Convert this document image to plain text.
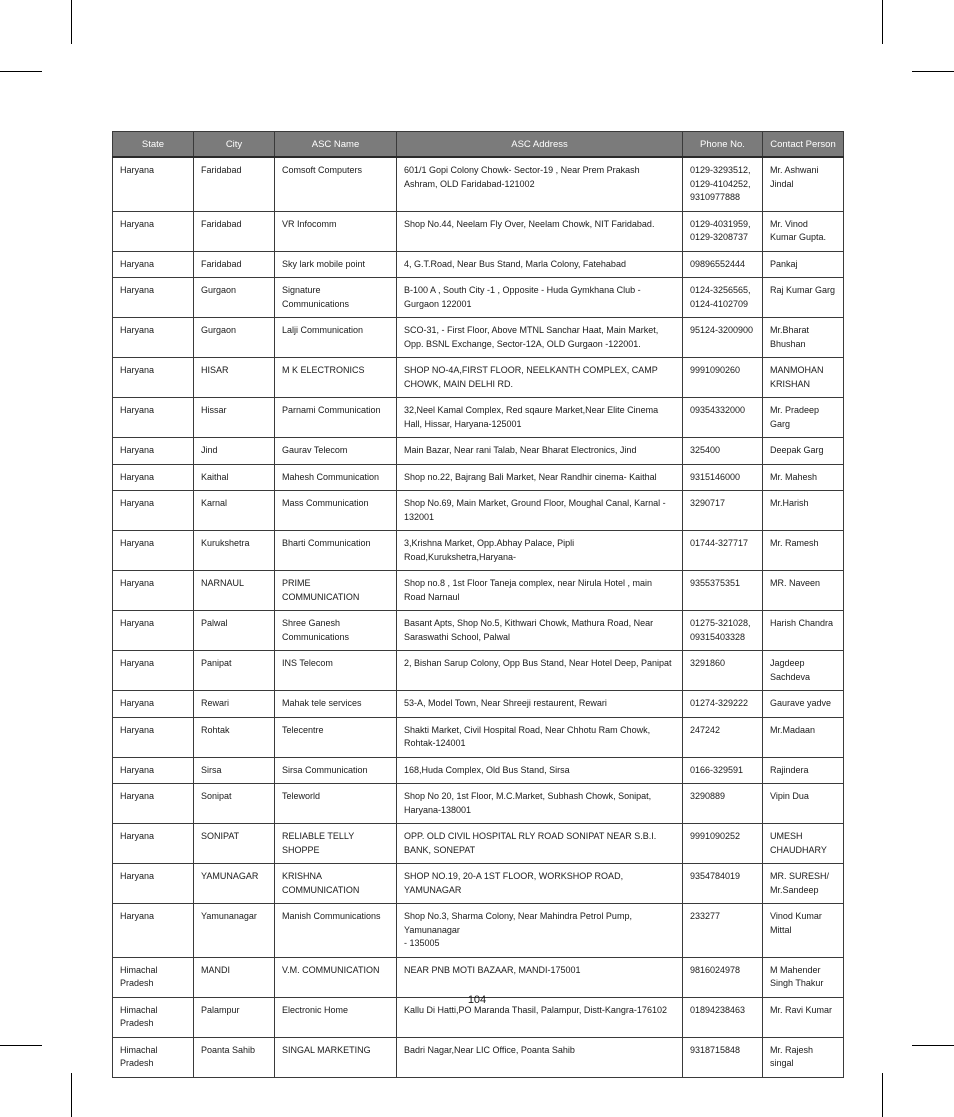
State	City	ASC Name	ASC Address	Phone No.	Contact Person
Haryana	Faridabad	Comsoft Computers	601/1 Gopi Colony Chowk- Sector-19 , Near Prem Prakash Ashram, OLD Faridabad-121002	0129-3293512,
0129-4104252,
9310977888	Mr. Ashwani Jindal
Haryana	Faridabad	VR Infocomm	Shop No.44, Neelam Fly Over, Neelam Chowk, NIT Faridabad.	0129-4031959,
0129-3208737	Mr. Vinod Kumar Gupta.
Haryana	Faridabad	Sky lark mobile point	4, G.T.Road, Near Bus Stand, Marla Colony, Fatehabad	09896552444	Pankaj
Haryana	Gurgaon	Signature Communications	B-100 A , South City -1 , Opposite - Huda Gymkhana Club - Gurgaon 122001	0124-3256565,
0124-4102709	Raj Kumar Garg
Haryana	Gurgaon	Lalji Communication	SCO-31, - First Floor, Above MTNL Sanchar Haat, Main Market, Opp. BSNL Exchange, Sector-12A, OLD Gurgaon -122001.	95124-3200900	Mr.Bharat Bhushan
Haryana	HISAR	M K ELECTRONICS	SHOP NO-4A,FIRST FLOOR, NEELKANTH COMPLEX, CAMP CHOWK, MAIN DELHI RD.	9991090260	MANMOHAN KRISHAN
Haryana	Hissar	Parnami Communication	32,Neel Kamal Complex, Red sqaure Market,Near Elite Cinema Hall, Hissar, Haryana-125001	09354332000	Mr. Pradeep Garg
Haryana	Jind	Gaurav Telecom	Main Bazar, Near rani Talab, Near Bharat Electronics, Jind	325400	Deepak Garg
Haryana	Kaithal	Mahesh Communication	Shop no.22, Bajrang Bali Market, Near Randhir cinema- Kaithal	9315146000	Mr. Mahesh
Haryana	Karnal	Mass Communication	Shop No.69, Main Market, Ground Floor, Moughal Canal, Karnal - 132001	3290717	Mr.Harish
Haryana	Kurukshetra	Bharti Communication	3,Krishna Market, Opp.Abhay Palace, Pipli Road,Kurukshetra,Haryana-	01744-327717	Mr. Ramesh
Haryana	NARNAUL	PRIME COMMUNICATION	Shop no.8 , 1st Floor Taneja complex, near Nirula Hotel , main
Road Narnaul	9355375351	MR. Naveen
Haryana	Palwal	Shree Ganesh Communications	Basant Apts, Shop No.5, Kithwari Chowk, Mathura Road, Near Saraswathi School, Palwal	01275-321028,
09315403328	Harish Chandra
Haryana	Panipat	INS Telecom	2, Bishan Sarup Colony, Opp Bus Stand, Near Hotel Deep, Panipat	3291860	Jagdeep Sachdeva
Haryana	Rewari	Mahak tele services	53-A, Model Town, Near Shreeji restaurent, Rewari	01274-329222	Gaurave yadve
Haryana	Rohtak	Telecentre	Shakti Market, Civil Hospital Road, Near Chhotu Ram Chowk,
Rohtak-124001	247242	Mr.Madaan
Haryana	Sirsa	Sirsa Communication	168,Huda Complex, Old Bus Stand, Sirsa	0166-329591	Rajindera
Haryana	Sonipat	Teleworld	Shop No 20, 1st Floor, M.C.Market, Subhash Chowk, Sonipat,
Haryana-138001	3290889	Vipin Dua
Haryana	SONIPAT	RELIABLE TELLY SHOPPE	OPP. OLD CIVIL HOSPITAL RLY ROAD SONIPAT NEAR S.B.I. BANK, SONEPAT	9991090252	UMESH CHAUDHARY
Haryana	YAMUNAGAR	KRISHNA COMMUNICATION	SHOP NO.19, 20-A 1ST FLOOR, WORKSHOP ROAD, YAMUNAGAR	9354784019	MR. SURESH/ Mr.Sandeep
Haryana	Yamunanagar	Manish Communications	Shop No.3, Sharma Colony, Near Mahindra Petrol Pump, Yamunanagar
- 135005	233277	Vinod Kumar Mittal
Himachal Pradesh	MANDI	V.M. COMMUNICATION	NEAR PNB MOTI BAZAAR, MANDI-175001	9816024978	M Mahender Singh Thakur
Himachal Pradesh	Palampur	Electronic Home	Kallu Di Hatti,PO Maranda Thasil, Palampur, Distt-Kangra-176102	01894238463	Mr. Ravi Kumar
Himachal Pradesh	Poanta Sahib	SINGAL MARKETING	Badri Nagar,Near LIC Office, Poanta Sahib	9318715848	Mr. Rajesh singal
104
